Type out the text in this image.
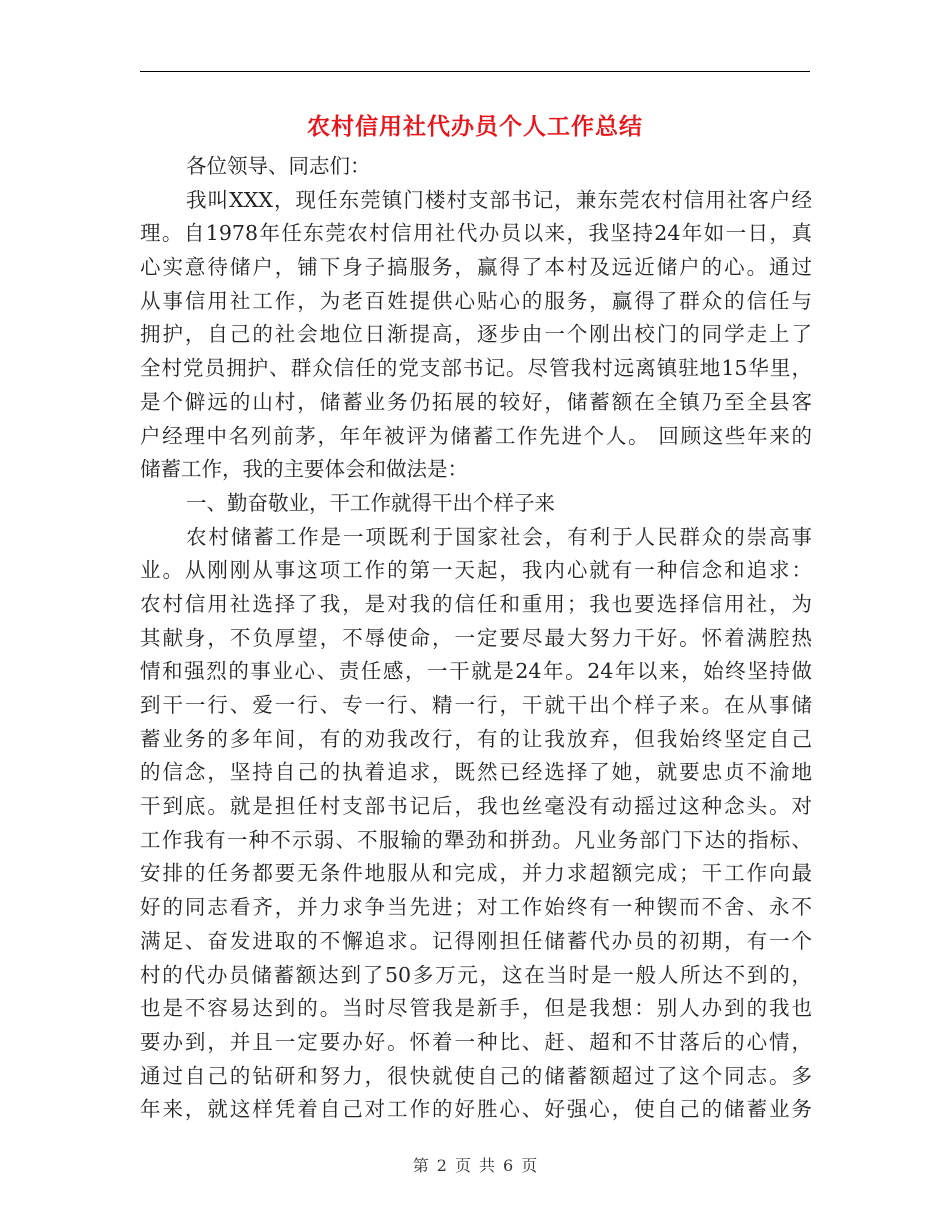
农村信用社代办员个人工作总结
各位领导、同志们：
我叫XXX，现任东莞镇门楼村支部书记，兼东莞农村信用社客户经
理。自1978年任东莞农村信用社代办员以来，我坚持24年如一日，真
心实意待储户，铺下身子搞服务，赢得了本村及远近储户的心。通过
从事信用社工作，为老百姓提供心贴心的服务，赢得了群众的信任与
拥护，自己的社会地位日渐提高，逐步由一个刚出校门的同学走上了
全村党员拥护、群众信任的党支部书记。尽管我村远离镇驻地15华里，
是个僻远的山村，储蓄业务仍拓展的较好，储蓄额在全镇乃至全县客
户经理中名列前茅，年年被评为储蓄工作先进个人。 回顾这些年来的
储蓄工作，我的主要体会和做法是：
一、勤奋敬业，干工作就得干出个样子来
农村储蓄工作是一项既利于国家社会，有利于人民群众的崇高事
业。从刚刚从事这项工作的第一天起，我内心就有一种信念和追求：
农村信用社选择了我，是对我的信任和重用；我也要选择信用社，为
其献身，不负厚望，不辱使命，一定要尽最大努力干好。怀着满腔热
情和强烈的事业心、责任感，一干就是24年。24年以来，始终坚持做
到干一行、爱一行、专一行、精一行，干就干出个样子来。在从事储
蓄业务的多年间，有的劝我改行，有的让我放弃，但我始终坚定自己
的信念，坚持自己的执着追求，既然已经选择了她，就要忠贞不渝地
干到底。就是担任村支部书记后，我也丝毫没有动摇过这种念头。对
工作我有一种不示弱、不服输的犟劲和拼劲。凡业务部门下达的指标、
安排的任务都要无条件地服从和完成，并力求超额完成；干工作向最
好的同志看齐，并力求争当先进；对工作始终有一种锲而不舍、永不
满足、奋发进取的不懈追求。记得刚担任储蓄代办员的初期，有一个
村的代办员储蓄额达到了50多万元，这在当时是一般人所达不到的，
也是不容易达到的。当时尽管我是新手，但是我想：别人办到的我也
要办到，并且一定要办好。怀着一种比、赶、超和不甘落后的心情，
通过自己的钻研和努力，很快就使自己的储蓄额超过了这个同志。多
年来，就这样凭着自己对工作的好胜心、好强心，使自己的储蓄业务
第 2 页 共 6 页
